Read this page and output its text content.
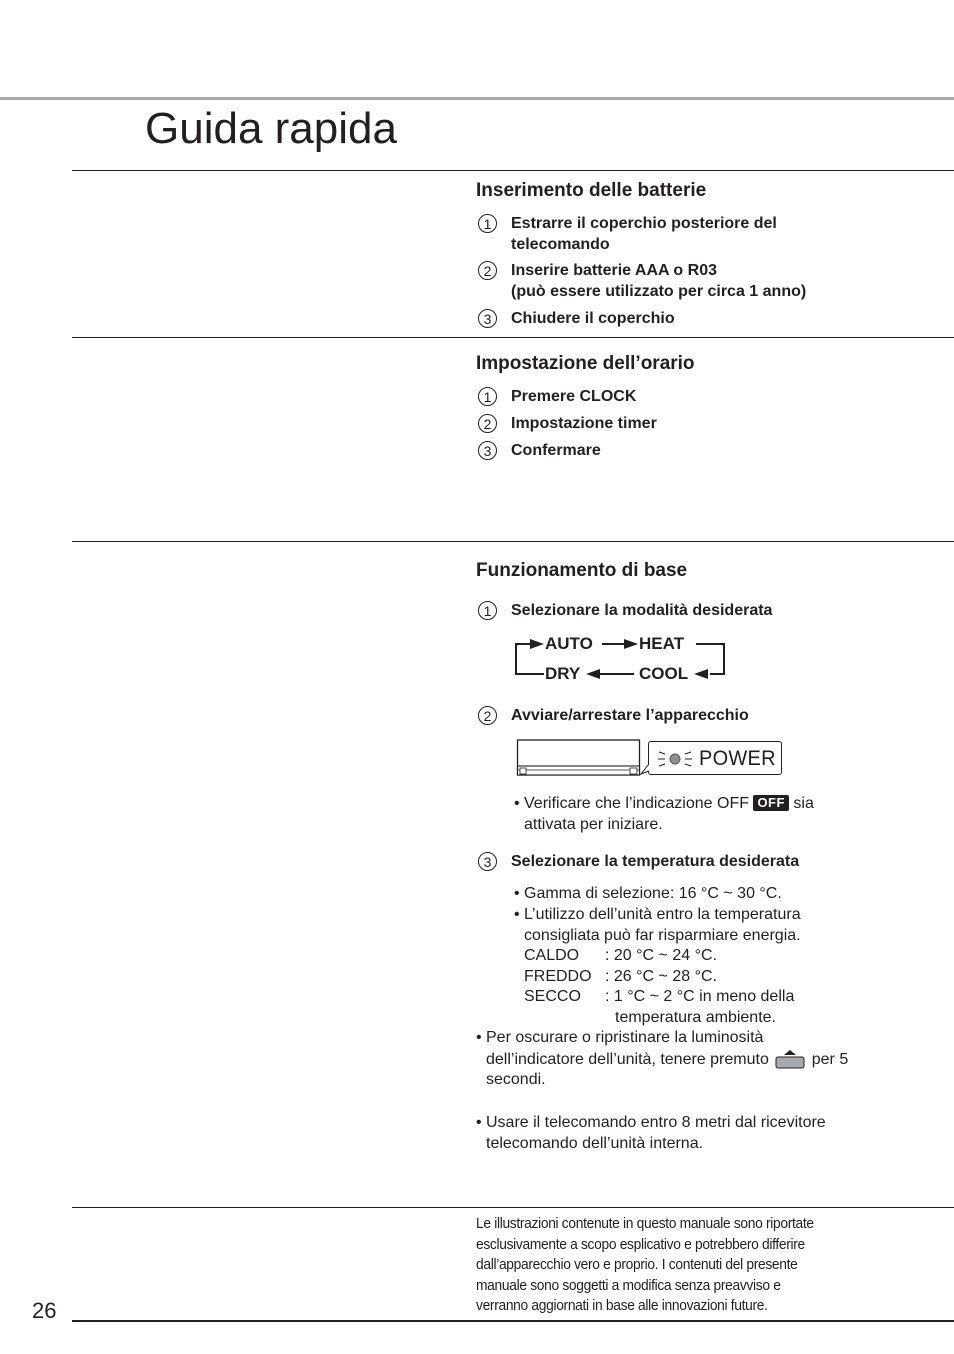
Guida rapida
Inserimento delle batterie
1	Estrarre il coperchio posteriore del
telecomando
2	Inserire batterie AAA o R03
(può essere utilizzato per circa 1 anno)
3	Chiudere il coperchio
Impostazione dell’orario
1	Premere CLOCK
2	Impostazione timer
3	Confermare
Funzionamento di base
1	Selezionare la modalità desiderata
AUTO	HEAT
DRY	COOL
2	Avviare/arrestare l’apparecchio
POWER
• Verificare che l’indicazione OFF OFF sia
attivata per iniziare.
3	Selezionare la temperatura desiderata
• Gamma di selezione: 16 °C ~ 30 °C.
• L’utilizzo dell’unità entro la temperatura
consigliata può far risparmiare energia.
CALDO : 20 °C ~ 24 °C.
FREDDO : 26 °C ~ 28 °C.
SECCO : 1 °C ~ 2 °C in meno della
temperatura ambiente.
• Per oscurare o ripristinare la luminosità
dell’indicatore dell’unità, tenere premuto	per 5
secondi.
• Usare il telecomando entro 8 metri dal ricevitore
telecomando dell’unità interna.
Le illustrazioni contenute in questo manuale sono riportate
esclusivamente a scopo esplicativo e potrebbero differire
dall’apparecchio vero e proprio. I contenuti del presente
manuale sono soggetti a modifica senza preavviso e
verranno aggiornati in base alle innovazioni future.
26
